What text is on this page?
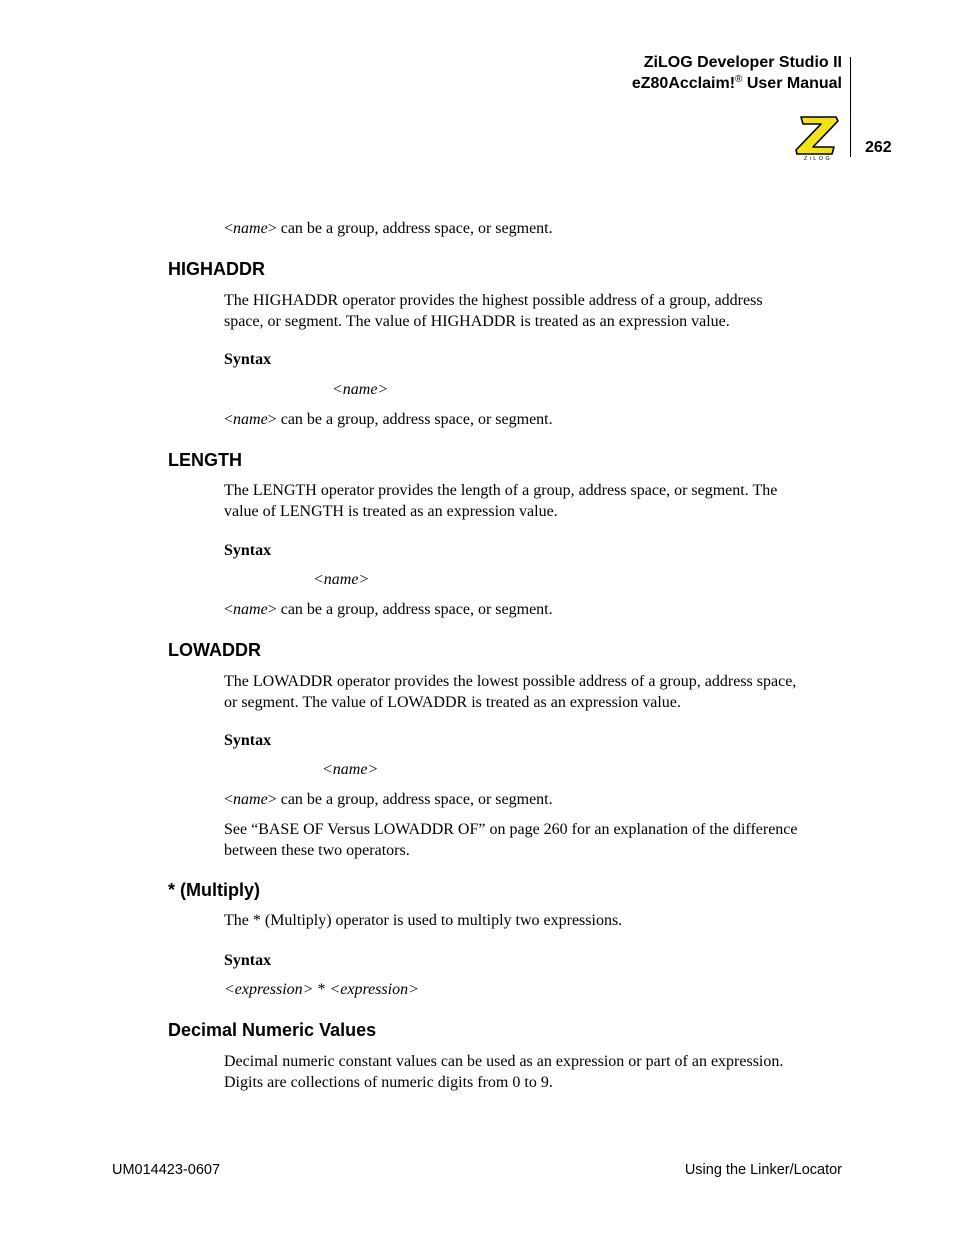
ZiLOG Developer Studio II
eZ80Acclaim!® User Manual
262
ZiLOG

<name> can be a group, address space, or segment.

HIGHADDR

The HIGHADDR operator provides the highest possible address of a group, address
space, or segment. The value of HIGHADDR is treated as an expression value.

Syntax

<name>

<name> can be a group, address space, or segment.

LENGTH

The LENGTH operator provides the length of a group, address space, or segment. The
value of LENGTH is treated as an expression value.

Syntax

<name>

<name> can be a group, address space, or segment.

LOWADDR

The LOWADDR operator provides the lowest possible address of a group, address space,
or segment. The value of LOWADDR is treated as an expression value.

Syntax

<name>

<name> can be a group, address space, or segment.

See “BASE OF Versus LOWADDR OF” on page 260 for an explanation of the difference
between these two operators.

* (Multiply)

The * (Multiply) operator is used to multiply two expressions.

Syntax

<expression> * <expression>

Decimal Numeric Values

Decimal numeric constant values can be used as an expression or part of an expression.
Digits are collections of numeric digits from 0 to 9.

UM014423-0607	Using the Linker/Locator
